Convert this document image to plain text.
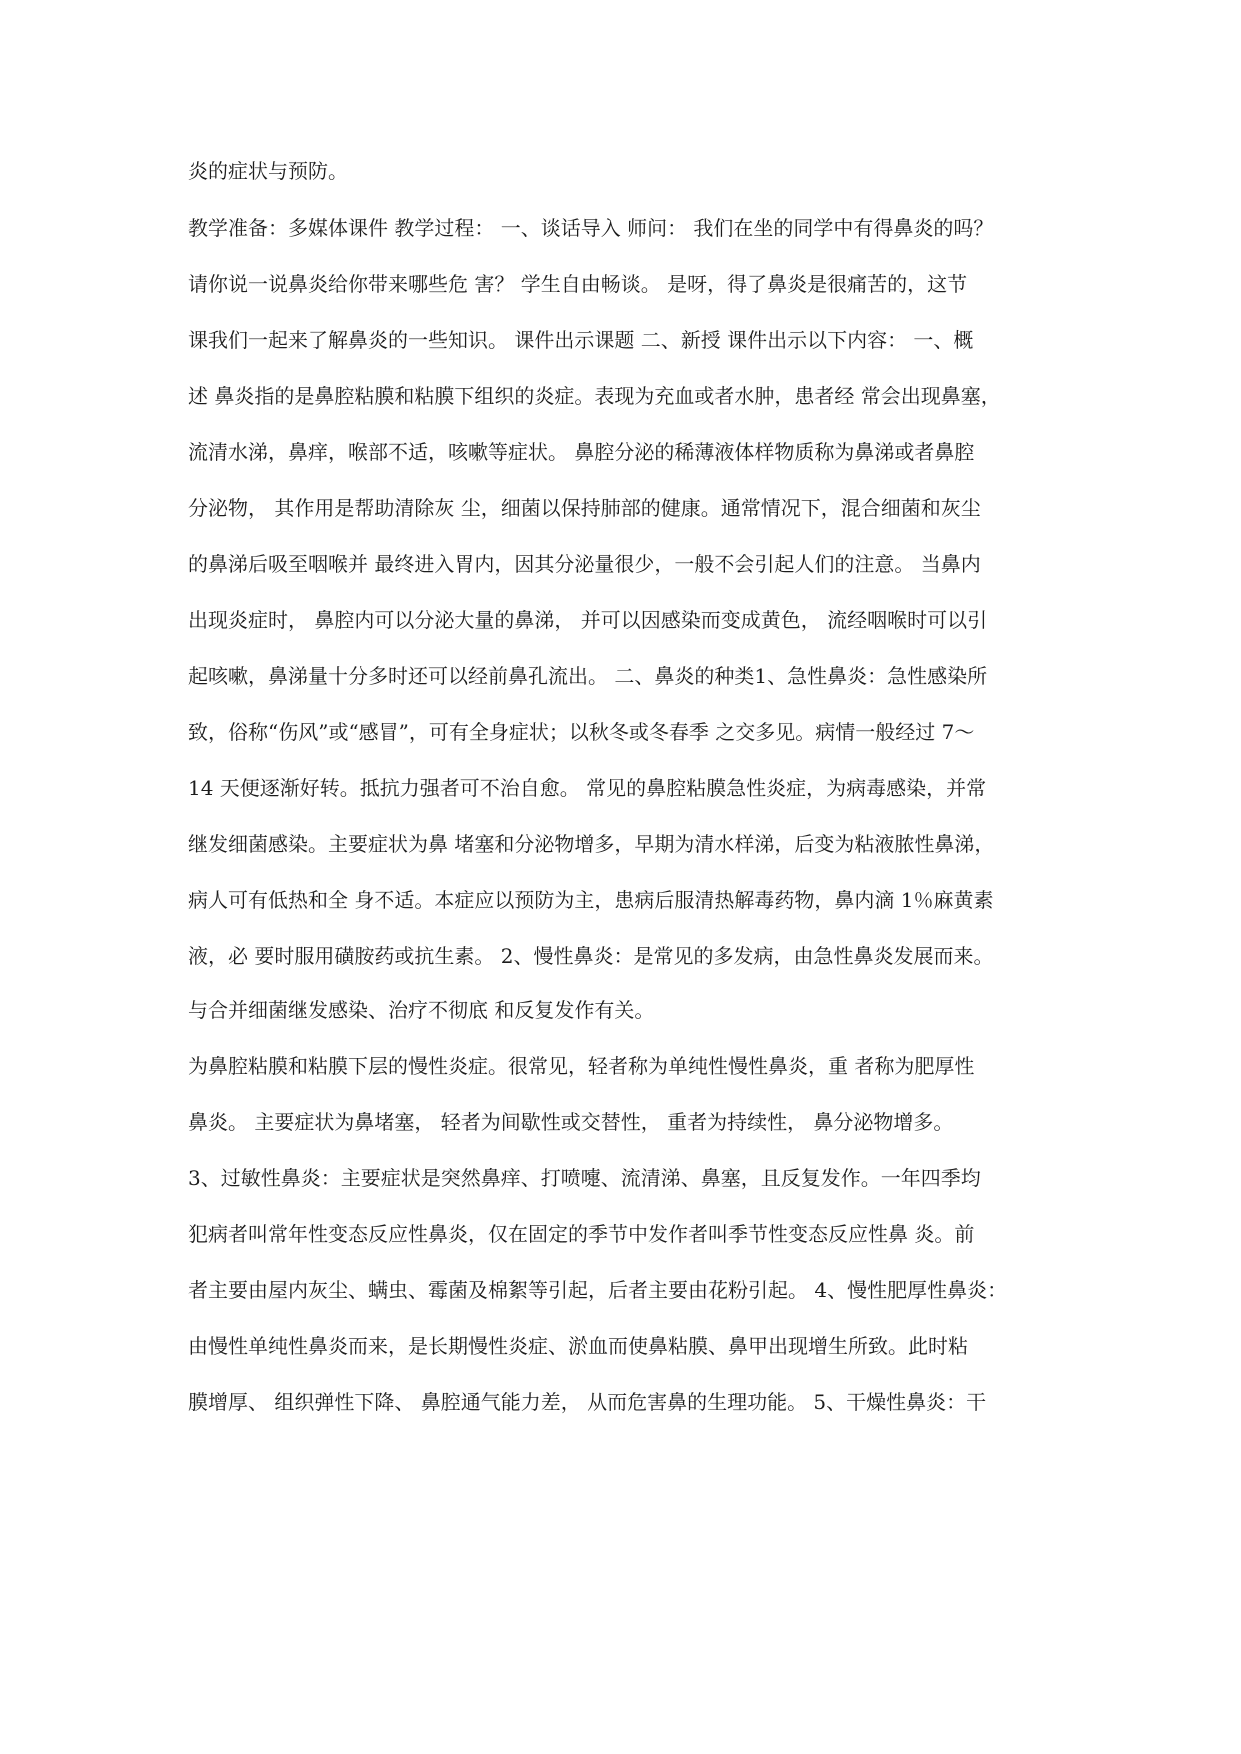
炎的症状与预防。

教学准备：多媒体课件 教学过程： 一、谈话导入 师问： 我们在坐的同学中有得鼻炎的吗？

请你说一说鼻炎给你带来哪些危 害？ 学生自由畅谈。 是呀，得了鼻炎是很痛苦的，这节

课我们一起来了解鼻炎的一些知识。 课件出示课题 二、新授 课件出示以下内容： 一、概

述 鼻炎指的是鼻腔粘膜和粘膜下组织的炎症。表现为充血或者水肿，患者经 常会出现鼻塞，

流清水涕，鼻痒，喉部不适，咳嗽等症状。 鼻腔分泌的稀薄液体样物质称为鼻涕或者鼻腔

分泌物， 其作用是帮助清除灰 尘，细菌以保持肺部的健康。通常情况下，混合细菌和灰尘

的鼻涕后吸至咽喉并 最终进入胃内，因其分泌量很少，一般不会引起人们的注意。 当鼻内

出现炎症时， 鼻腔内可以分泌大量的鼻涕， 并可以因感染而变成黄色， 流经咽喉时可以引

起咳嗽，鼻涕量十分多时还可以经前鼻孔流出。 二、鼻炎的种类1、急性鼻炎：急性感染所

致，俗称“伤风”或“感冒”，可有全身症状；以秋冬或冬春季 之交多见。病情一般经过 7～

14 天便逐渐好转。抵抗力强者可不治自愈。 常见的鼻腔粘膜急性炎症，为病毒感染，并常

继发细菌感染。主要症状为鼻 堵塞和分泌物增多，早期为清水样涕，后变为粘液脓性鼻涕，

病人可有低热和全 身不适。本症应以预防为主，患病后服清热解毒药物，鼻内滴 1％麻黄素

液，必 要时服用磺胺药或抗生素。 2、慢性鼻炎：是常见的多发病，由急性鼻炎发展而来。

与合并细菌继发感染、治疗不彻底 和反复发作有关。

为鼻腔粘膜和粘膜下层的慢性炎症。很常见，轻者称为单纯性慢性鼻炎，重 者称为肥厚性

鼻炎。 主要症状为鼻堵塞， 轻者为间歇性或交替性， 重者为持续性， 鼻分泌物增多。

3、过敏性鼻炎：主要症状是突然鼻痒、打喷嚏、流清涕、鼻塞，且反复发作。一年四季均

犯病者叫常年性变态反应性鼻炎，仅在固定的季节中发作者叫季节性变态反应性鼻 炎。前

者主要由屋内灰尘、螨虫、霉菌及棉絮等引起，后者主要由花粉引起。 4、慢性肥厚性鼻炎：

由慢性单纯性鼻炎而来，是长期慢性炎症、淤血而使鼻粘膜、鼻甲出现增生所致。此时粘

膜增厚、 组织弹性下降、 鼻腔通气能力差， 从而危害鼻的生理功能。 5、干燥性鼻炎：干
